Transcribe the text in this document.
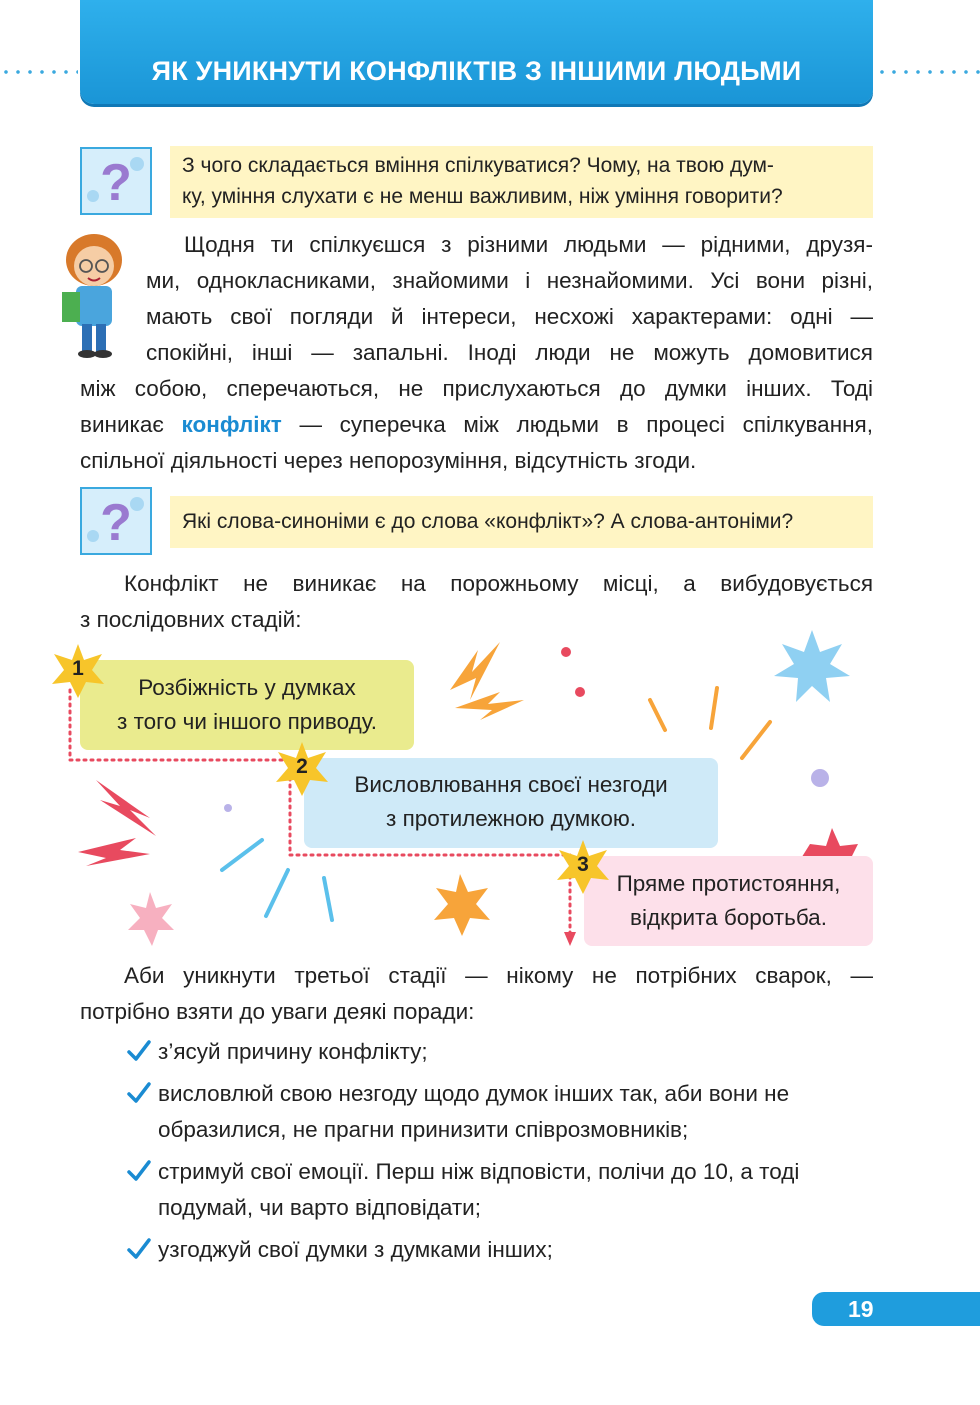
ЯК УНИКНУТИ КОНФЛІКТІВ З ІНШИМИ ЛЮДЬМИ
? З чого складається вміння спілкуватися? Чому, на твою дум-
ку, уміння слухати є не менш важливим, ніж уміння говорити?
Щодня ти спілкуєшся з різними людьми — рідними, друзя-
ми, однокласниками, знайомими і незнайомими. Усі вони різні,
мають свої погляди й інтереси, несхожі характерами: одні —
спокійні, інші — запальні. Іноді люди не можуть домовитися
між собою, сперечаються, не прислухаються до думки інших. Тоді
виникає конфлікт — суперечка між людьми в процесі спілкування,
спільної діяльності через непорозуміння, відсутність згоди.
? Які слова-синоніми є до слова «конфлікт»? А слова-антоніми?
Конфлікт не виникає на порожньому місці, а вибудовується
з послідовних стадій:
Розбіжність у думках
з того чи іншого приводу.
Висловлювання своєї незгоди
з протилежною думкою.
Пряме протистояння,
відкрита боротьба.
1
2
3
Аби уникнути третьої стадії — нікому не потрібних сварок, —
потрібно взяти до уваги деякі поради:
з’ясуй причину конфлікту;
висловлюй свою незгоду щодо думок інших так, аби вони не
образилися, не прагни принизити співрозмовників;
стримуй свої емоції. Перш ніж відповісти, полічи до 10, а тоді
подумай, чи варто відповідати;
узгоджуй свої думки з думками інших;
19
